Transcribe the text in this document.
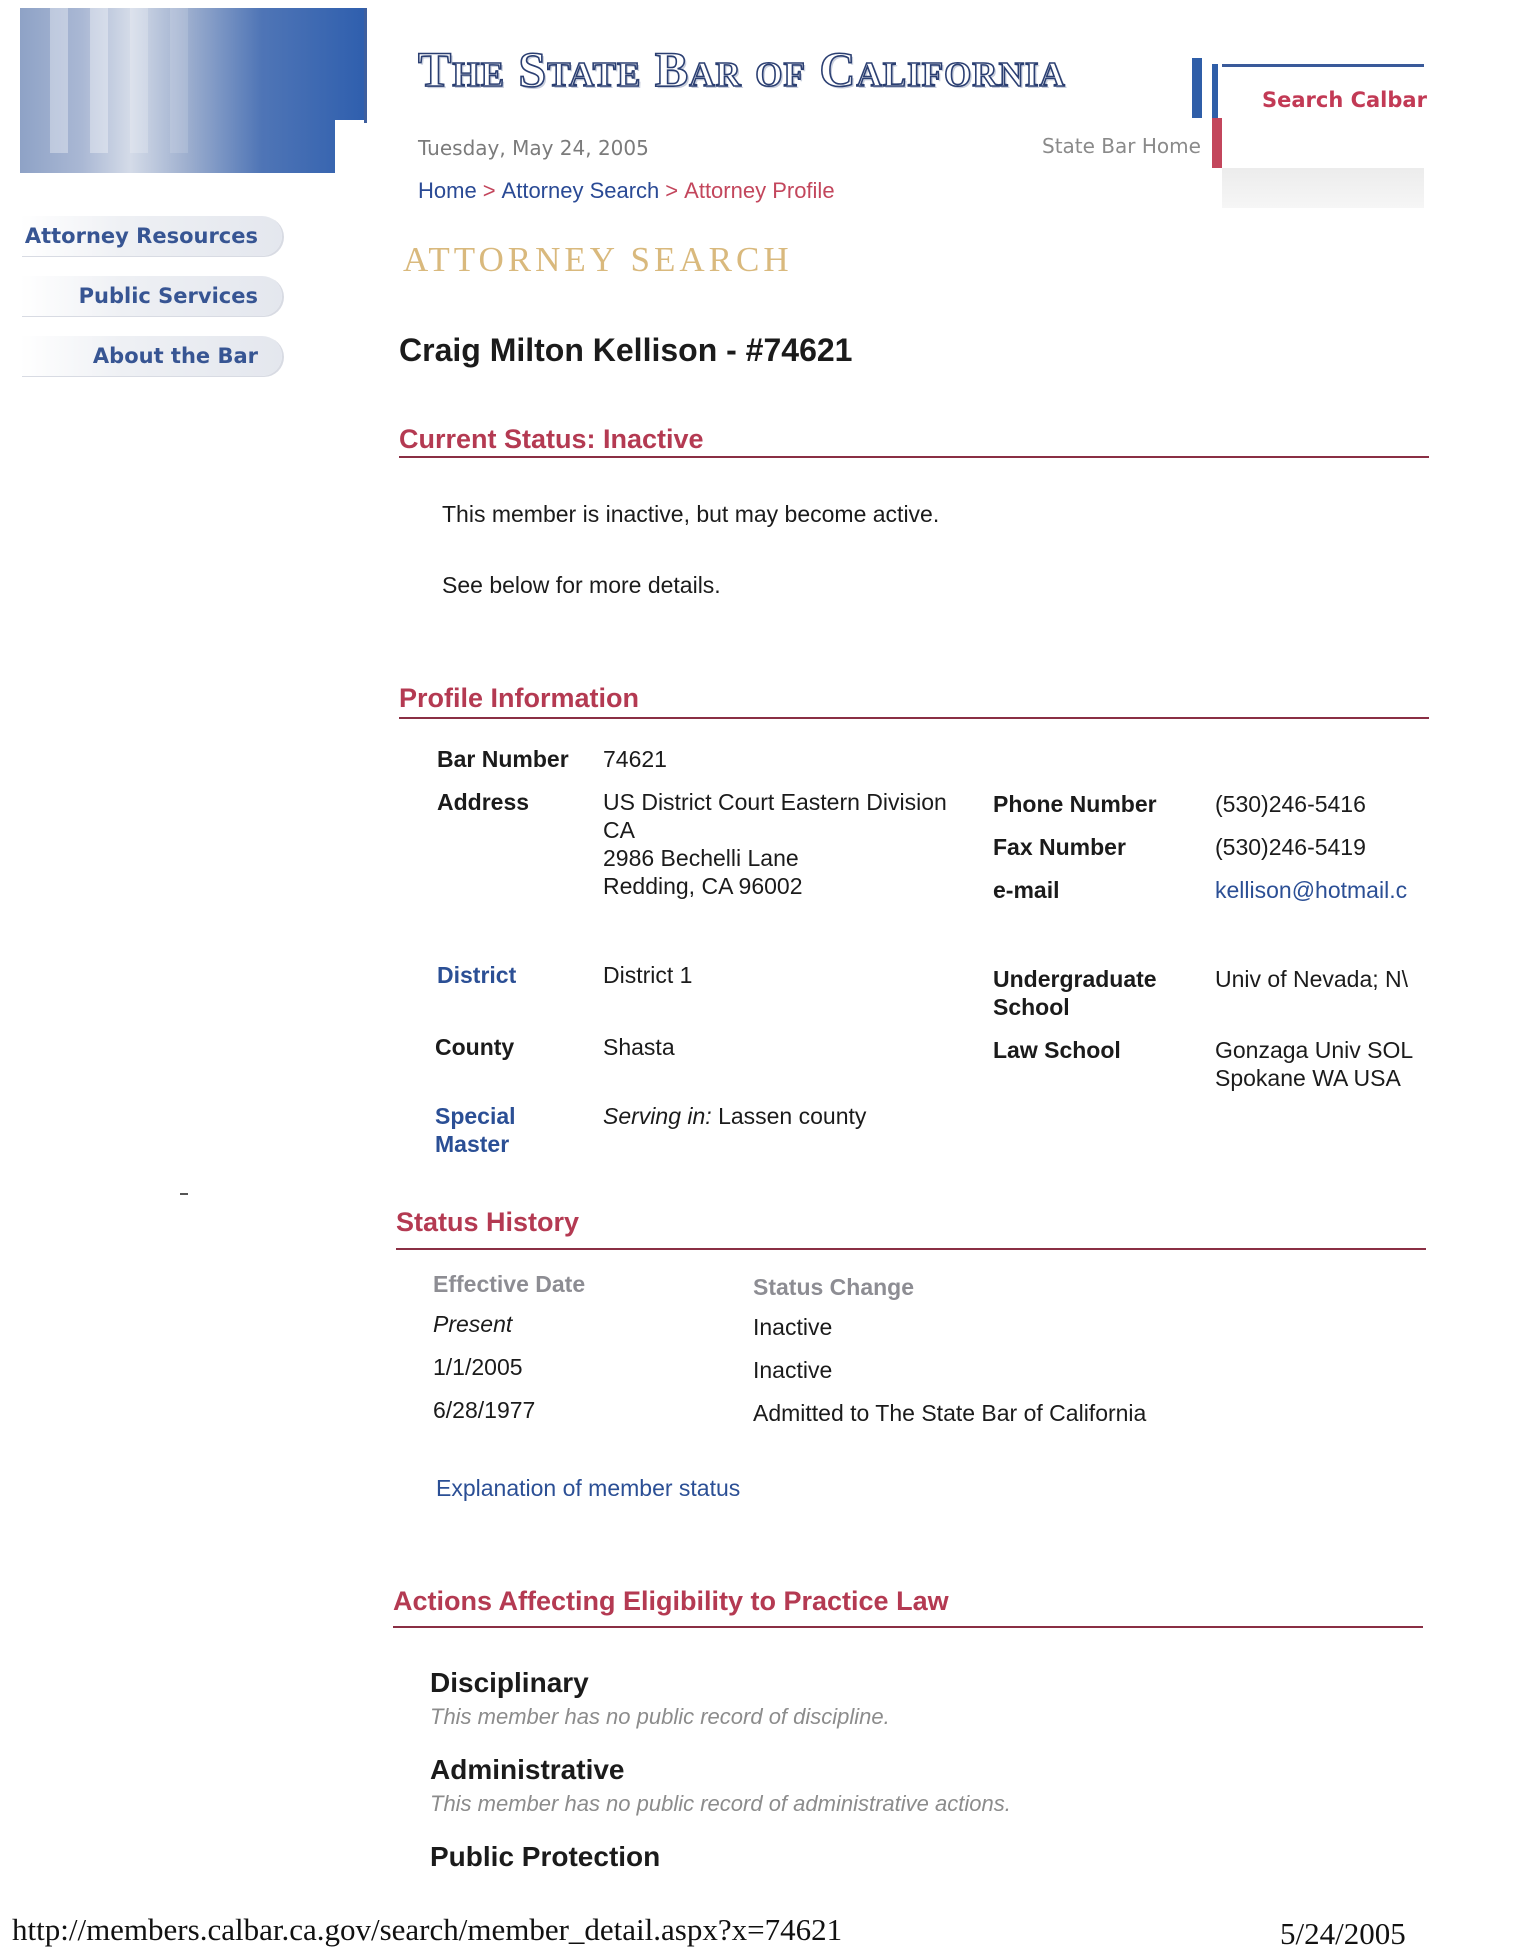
The State Bar of California
Tuesday, May 24, 2005	State Bar Home
Search Calbar
Home > Attorney Search > Attorney Profile
ATTORNEY SEARCH
Attorney Resources
Public Services
About the Bar	Craig Milton Kellison - #74621
Current Status: Inactive
This member is inactive, but may become active.
See below for more details.
Profile Information
Bar Number 74621
Address	US District Court Eastern Division
CA
2986 Bechelli Lane
Redding, CA 96002
Phone Number	(530)246-5416
Fax Number	(530)246-5419
e-mail	kellison@hotmail.c
District	District 1	Undergraduate
School
Univ of Nevada; N\
County	Shasta	Law School	Gonzaga Univ SOL
Spokane WA USA
Special
Master
Serving in: Lassen county
Status History
Effective Date	Status Change
Present	Inactive
1/1/2005	Inactive
6/28/1977	Admitted to The State Bar of California
Explanation of member status
Actions Affecting Eligibility to Practice Law
Disciplinary
This member has no public record of discipline.
Administrative
This member has no public record of administrative actions.
Public Protection
http://members.calbar.ca.gov/search/member_detail.aspx?x=74621	5/24/2005
